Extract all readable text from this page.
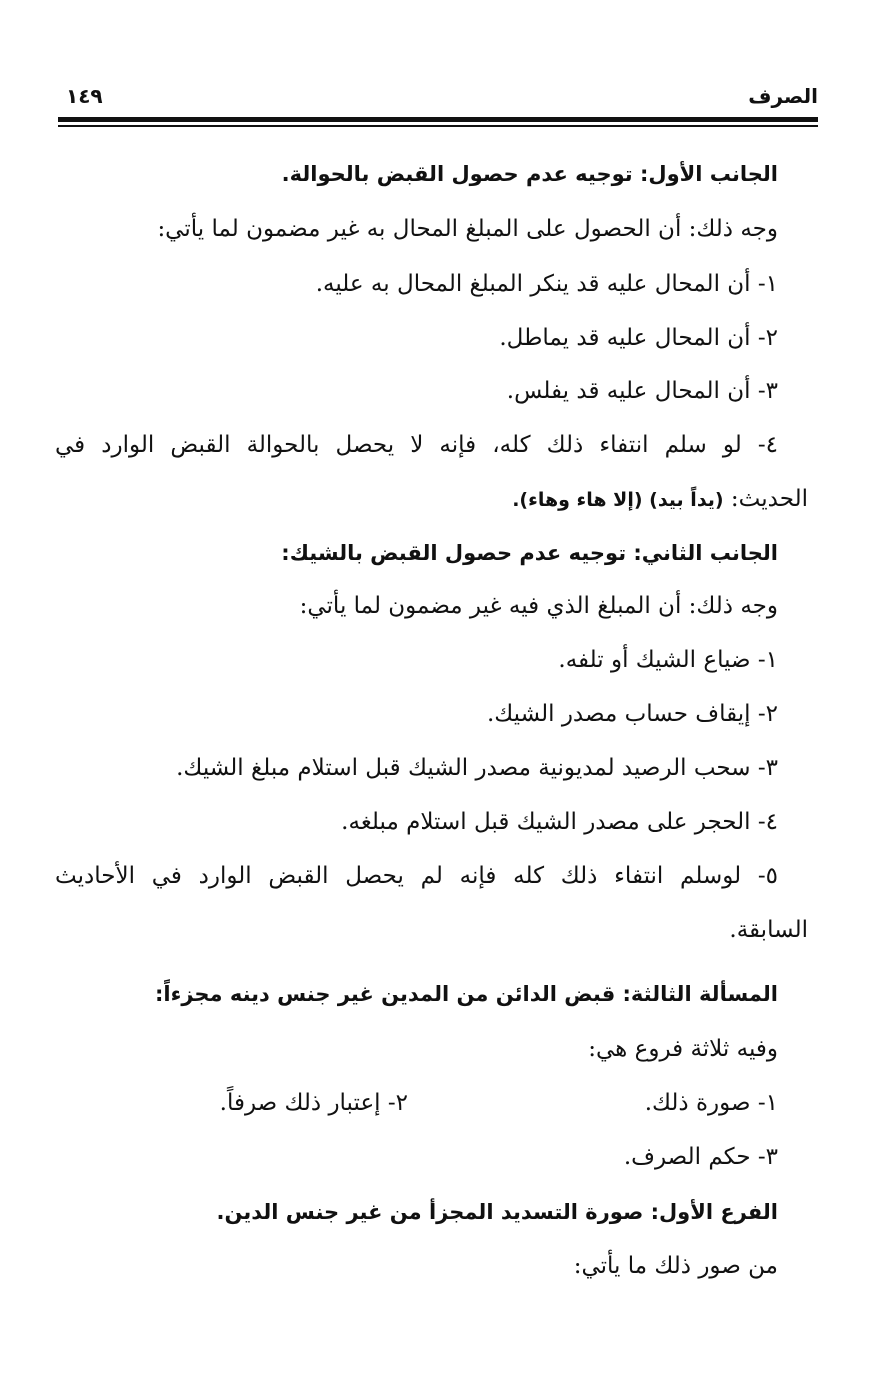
الصرف
١٤٩
الجانب الأول: توجيه عدم حصول القبض بالحوالة.
وجه ذلك: أن الحصول على المبلغ المحال به غير مضمون لما يأتي:
١- أن المحال عليه قد ينكر المبلغ المحال به عليه.
٢- أن المحال عليه قد يماطل.
٣- أن المحال عليه قد يفلس.
٤- لو سلم انتفاء ذلك كله، فإنه لا يحصل بالحوالة القبض الوارد في
الحديث: (يداً بيد) (إلا هاء وهاء).
الجانب الثاني: توجيه عدم حصول القبض بالشيك:
وجه ذلك: أن المبلغ الذي فيه غير مضمون لما يأتي:
١- ضياع الشيك أو تلفه.
٢- إيقاف حساب مصدر الشيك.
٣- سحب الرصيد لمديونية مصدر الشيك قبل استلام مبلغ الشيك.
٤- الحجر على مصدر الشيك قبل استلام مبلغه.
٥- لوسلم انتفاء ذلك كله فإنه لم يحصل القبض الوارد في الأحاديث
السابقة.
المسألة الثالثة: قبض الدائن من المدين غير جنس دينه مجزءاً:
وفيه ثلاثة فروع هي:
١- صورة ذلك.
٢- إعتبار ذلك صرفاً.
٣- حكم الصرف.
الفرع الأول: صورة التسديد المجزأ من غير جنس الدين.
من صور ذلك ما يأتي:
